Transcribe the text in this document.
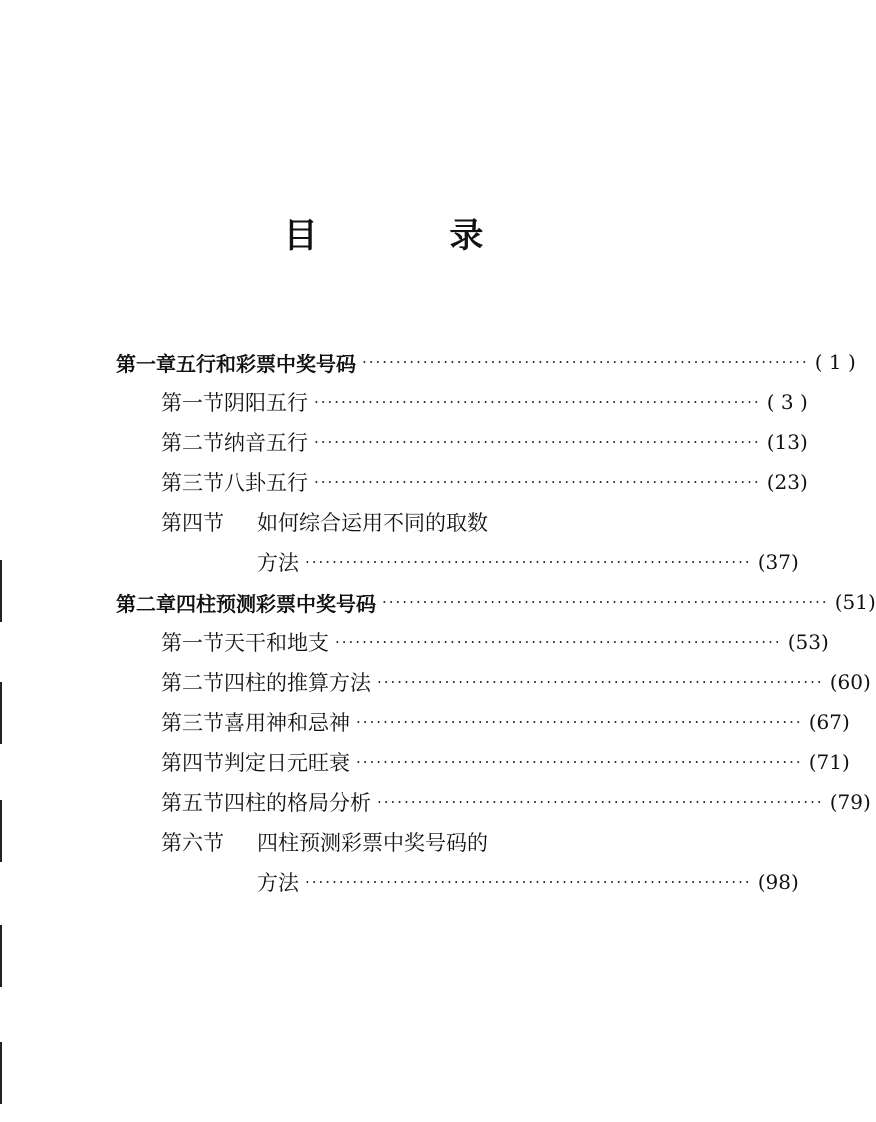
目 录
第一章 五行和彩票中奖号码 ·································································· ( 1 )
第一节 阴阳五行 ·································································· ( 3 )
第二节 纳音五行 ·································································· (13)
第三节 八卦五行 ·································································· (23)
第四节	如何综合运用不同的取数
方法 ·································································· (37)
第二章 四柱预测彩票中奖号码 ·································································· (51)
第一节 天干和地支 ·································································· (53)
第二节 四柱的推算方法 ·································································· (60)
第三节 喜用神和忌神 ·································································· (67)
第四节 判定日元旺衰 ·································································· (71)
第五节 四柱的格局分析 ·································································· (79)
第六节	四柱预测彩票中奖号码的
方法 ·································································· (98)
